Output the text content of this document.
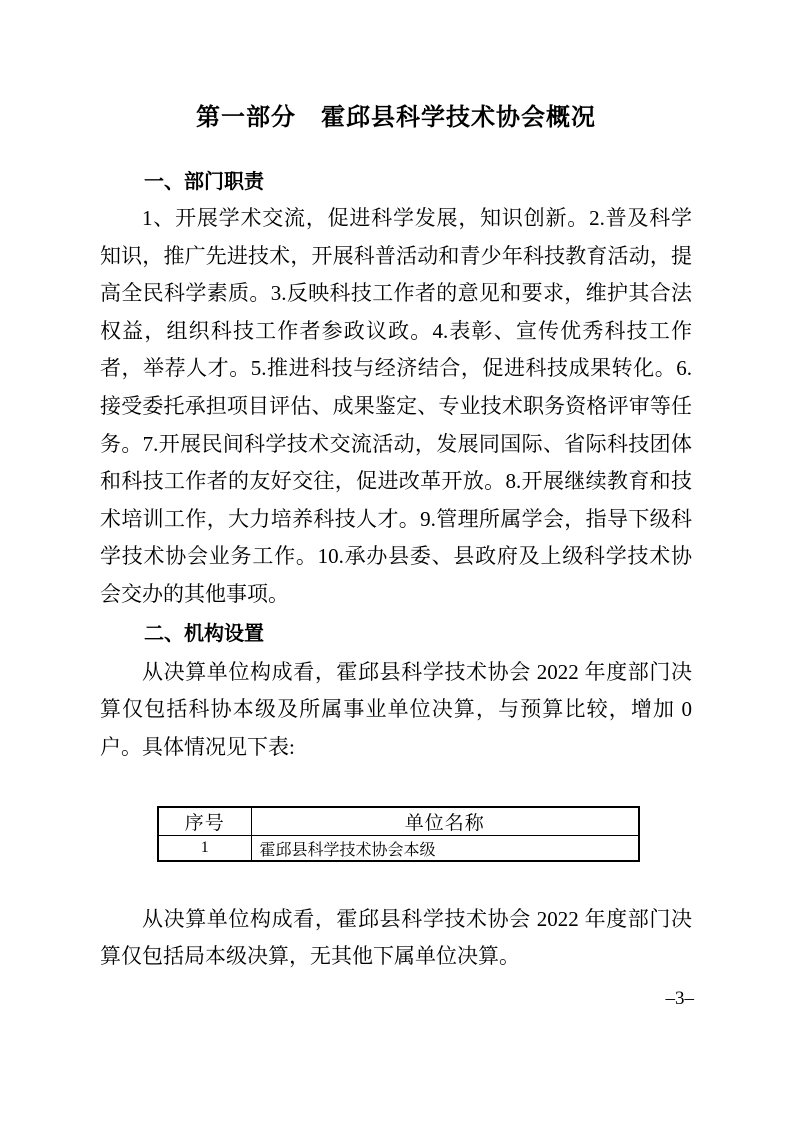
第一部分　霍邱县科学技术协会概况
一、部门职责

1、开展学术交流，促进科学发展，知识创新。2.普及科学知识，推广先进技术，开展科普活动和青少年科技教育活动，提高全民科学素质。3.反映科技工作者的意见和要求，维护其合法权益，组织科技工作者参政议政。4.表彰、宣传优秀科技工作者，举荐人才。5.推进科技与经济结合，促进科技成果转化。6.接受委托承担项目评估、成果鉴定、专业技术职务资格评审等任务。7.开展民间科学技术交流活动，发展同国际、省际科技团体和科技工作者的友好交往，促进改革开放。8.开展继续教育和技术培训工作，大力培养科技人才。9.管理所属学会，指导下级科学技术协会业务工作。10.承办县委、县政府及上级科学技术协会交办的其他事项。

二、机构设置

从决算单位构成看，霍邱县科学技术协会 2022 年度部门决算仅包括科协本级及所属事业单位决算，与预算比较，增加 0 户。具体情况见下表:

序号	单位名称
1	霍邱县科学技术协会本级

从决算单位构成看，霍邱县科学技术协会 2022 年度部门决算仅包括局本级决算，无其他下属单位决算。

–3–
